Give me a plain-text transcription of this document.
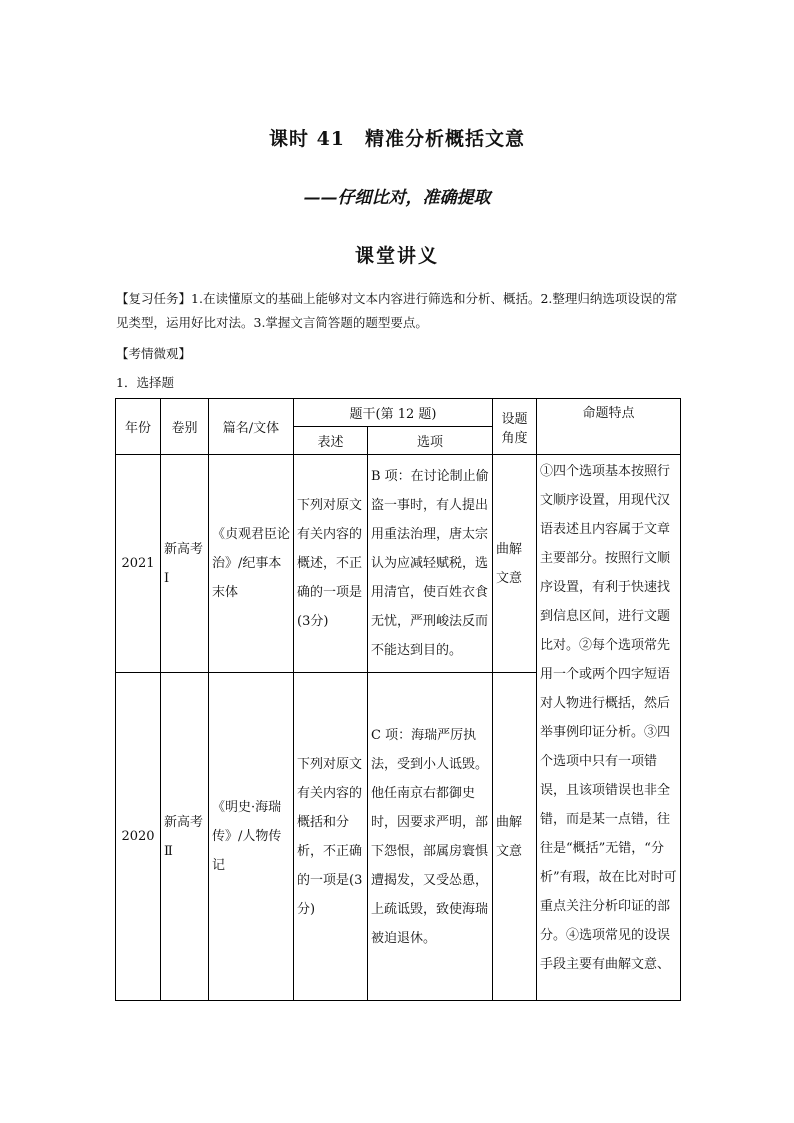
课时 41　精准分析概括文意
——仔细比对，准确提取
课堂讲义
【复习任务】1.在读懂原文的基础上能够对文本内容进行筛选和分析、概括。2.整理归纳选项设误的常见类型，运用好比对法。3.掌握文言简答题的题型要点。
【考情微观】
1．选择题
年份	卷别	篇名/文体	题干(第 12 题)		设题角度	命题特点
			表述	选项		
2021	新高考Ⅰ	《贞观君臣论治》/纪事本末体	下列对原文有关内容的概述，不正确的一项是(3分)	B 项：在讨论制止偷盗一事时，有人提出用重法治理，唐太宗认为应减轻赋税，选用清官，使百姓衣食无忧，严刑峻法反而不能达到目的。	曲解文意	①四个选项基本按照行文顺序设置，用现代汉语表述且内容属于文章主要部分。按照行文顺序设置，有利于快速找到信息区间，进行文题比对。②每个选项常先用一个或两个四字短语对人物进行概括，然后举事例印证分析。③四个选项中只有一项错误，且该项错误也非全错，而是某一点错，往往是“概括”无错，“分析”有瑕，故在比对时可重点关注分析印证的部分。④选项常见的设误手段主要有曲解文意、
2020	新高考Ⅱ	《明史·海瑞传》/人物传记	下列对原文有关内容的概括和分析，不正确的一项是(3分)	C 项：海瑞严厉执法，受到小人诋毁。他任南京右都御史时，因要求严明，部下怨恨，部属房寰惧遭揭发，又受怂恿，上疏诋毁，致使海瑞被迫退休。	曲解文意	
